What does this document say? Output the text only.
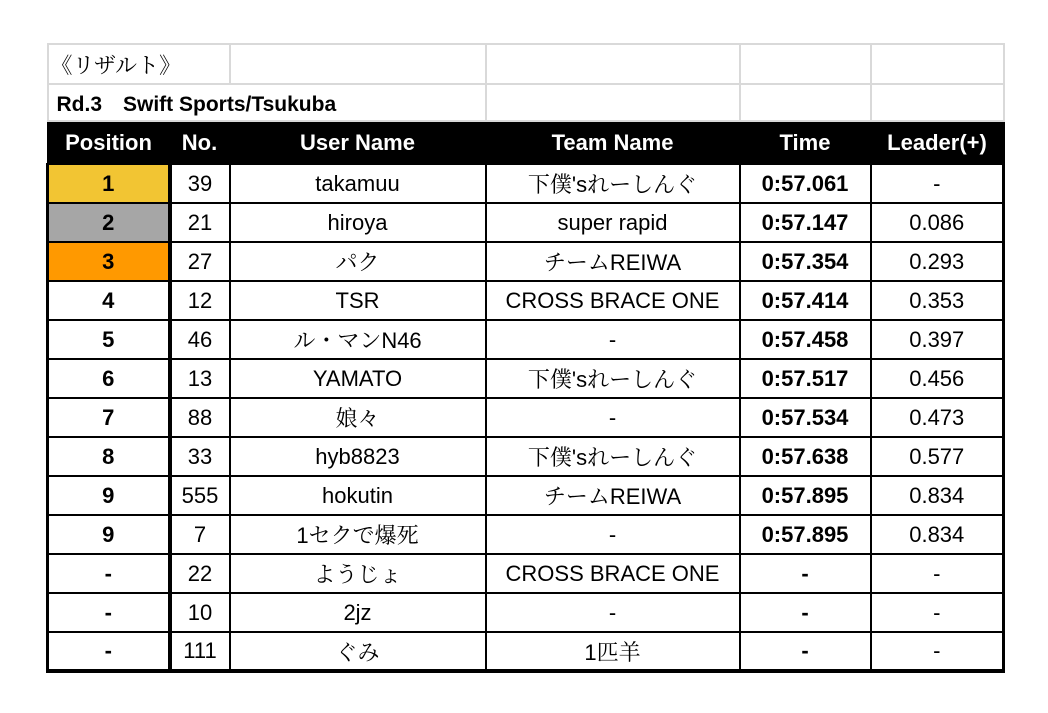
《リザルト》					
Rd.3　Swift Sports/Tsukuba					
Position	No.	User Name	Team Name	Time	Leader(+)
1	39	takamuu	下僕'sれーしんぐ	0:57.061	-
2	21	hiroya	super rapid	0:57.147	0.086
3	27	パク	チームREIWA	0:57.354	0.293
4	12	TSR	CROSS BRACE ONE	0:57.414	0.353
5	46	ル・マンN46	-	0:57.458	0.397
6	13	YAMATO	下僕'sれーしんぐ	0:57.517	0.456
7	88	娘々	-	0:57.534	0.473
8	33	hyb8823	下僕'sれーしんぐ	0:57.638	0.577
9	555	hokutin	チームREIWA	0:57.895	0.834
9	7	1セクで爆死	-	0:57.895	0.834
-	22	ようじょ	CROSS BRACE ONE	-	-
-	10	2jz	-	-	-
-	111	ぐみ	1匹羊	-	-
